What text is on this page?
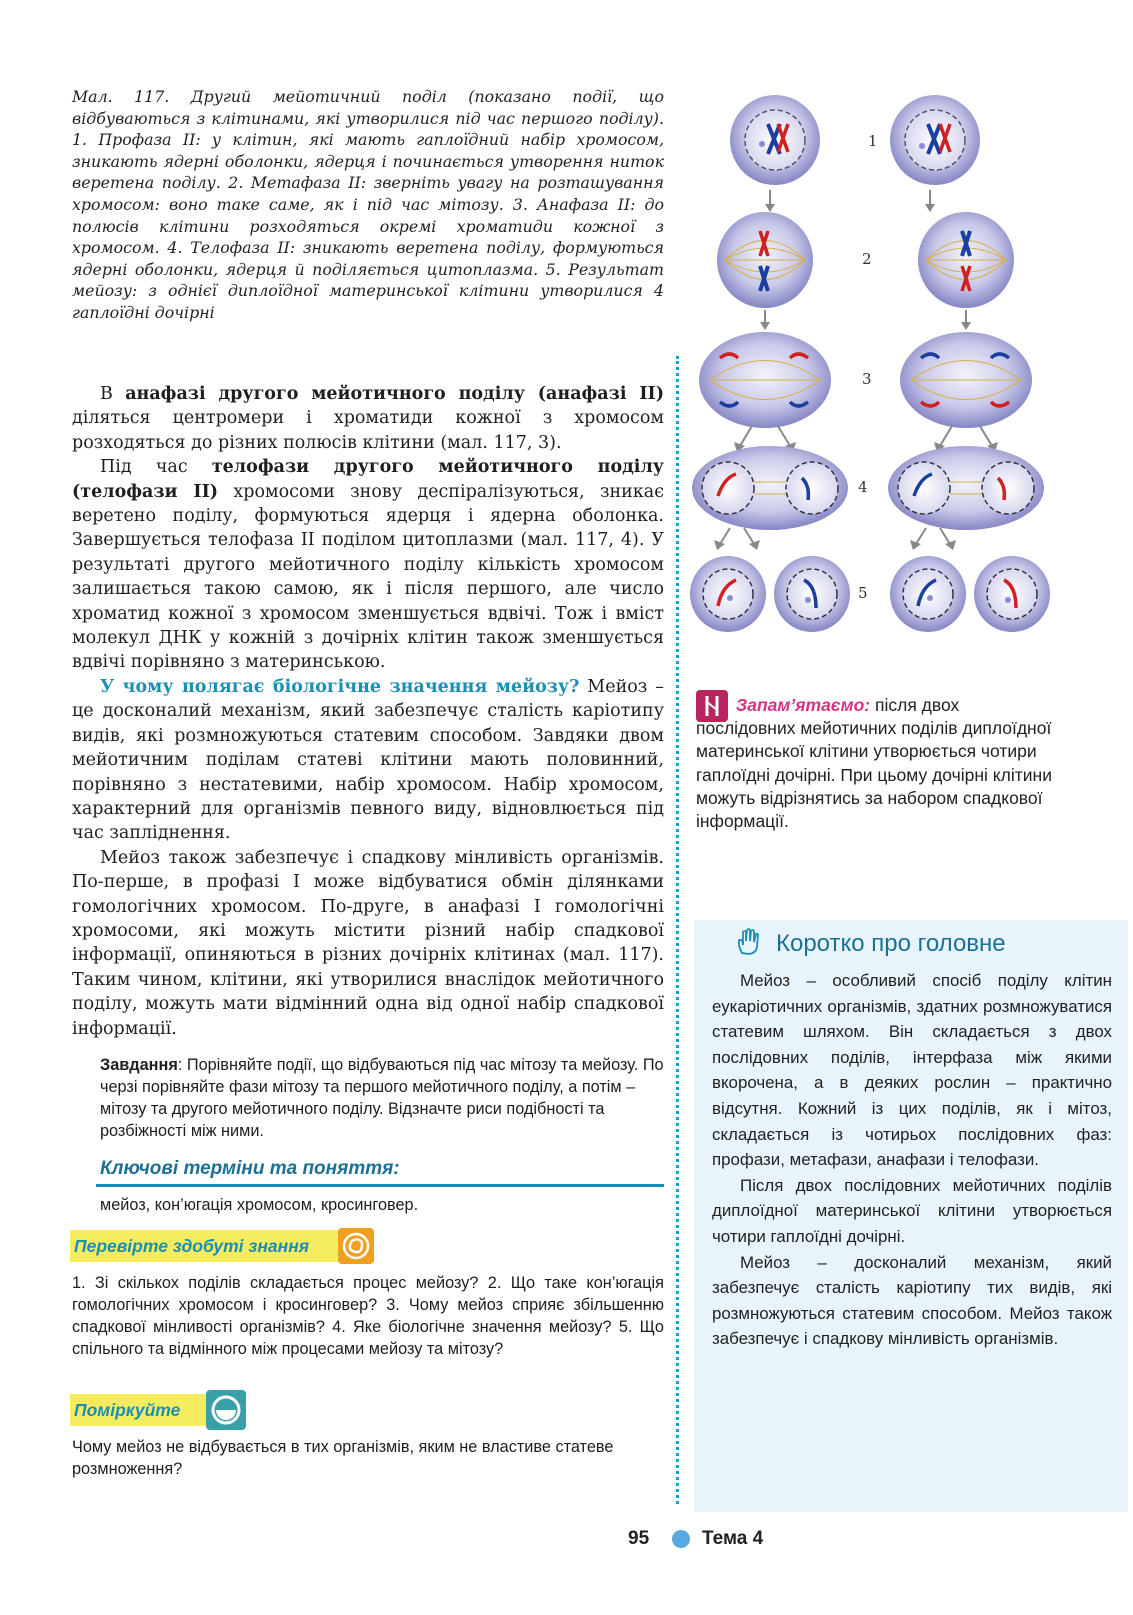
Мал. 117. Другий мейотичний поділ (показано події, що відбуваються з клітинами, які утворилися під час першого поділу). 1. Профаза II: у клітин, які мають гаплоїдний набір хромосом, зникають ядерні оболонки, ядерця і починається утворення ниток веретена поділу. 2. Метафаза II: зверніть увагу на розташування хромосом: воно таке саме, як і під час мітозу. 3. Анафаза II: до полюсів клітини розходяться окремі хроматиди кожної з хромосом. 4. Телофаза II: зникають веретена поділу, формуються ядерні оболонки, ядерця й поділяється цитоплазма. 5. Результат мейозу: з однієї диплоїдної материнської клітини утворилися 4 гаплоїдні дочірні

В анафазі другого мейотичного поділу (анафазі II) діляться центромери і хроматиди кожної з хромосом розходяться до різних полюсів клітини (мал. 117, 3).

Під час телофази другого мейотичного поділу (телофази II) хромосоми знову деспіралізуються, зникає веретено поділу, формуються ядерця і ядерна оболонка. Завершується телофаза II поділом цитоплазми (мал. 117, 4). У результаті другого мейотичного поділу кількість хромосом залишається такою самою, як і після першого, але число хроматид кожної з хромосом зменшується вдвічі. Тож і вміст молекул ДНК у кожній з дочірніх клітин також зменшується вдвічі порівняно з материнською.

У чому полягає біологічне значення мейозу? Мейоз – це досконалий механізм, який забезпечує сталість каріотипу видів, які розмножуються статевим способом. Завдяки двом мейотичним поділам статеві клітини мають половинний, порівняно з нестатевими, набір хромосом. Набір хромосом, характерний для організмів певного виду, відновлюється під час запліднення.

Мейоз також забезпечує і спадкову мінливість організмів. По-перше, в профазі I може відбуватися обмін ділянками гомологічних хромосом. По-друге, в анафазі I гомологічні хромосоми, які можуть містити різний набір спадкової інформації, опиняються в різних дочірніх клітинах (мал. 117). Таким чином, клітини, які утворилися внаслідок мейотичного поділу, можуть мати відмінний одна від одної набір спадкової інформації.

Завдання: Порівняйте події, що відбуваються під час мітозу та мейозу. По черзі порівняйте фази мітозу та першого мейотичного поділу, а потім – мітозу та другого мейотичного поділу. Відзначте риси подібності та розбіжності між ними.

Ключові терміни та поняття:
мейоз, кон’югація хромосом, кросинговер.
Перевірте здобуті знання
1. Зі скількох поділів складається процес мейозу? 2. Що таке кон’югація гомологічних хромосом і кросинговер? 3. Чому мейоз сприяє збільшенню спадкової мінливості організмів? 4. Яке біологічне значення мейозу? 5. Що спільного та відмінного між процесами мейозу та мітозу?
Поміркуйте
Чому мейоз не відбувається в тих організмів, яким не властиве статеве розмноження?
1
2
3
4
5
Запам’ятаємо: після двох послідовних мейотичних поділів диплоїдної материнської клітини утворюється чотири гаплоїдні дочірні. При цьому дочірні клітини можуть відрізнятись за набором спадкової інформації.
Коротко про головне

Мейоз – особливий спосіб поділу клітин еукаріотичних організмів, здатних розмножуватися статевим шляхом. Він складається з двох послідовних поділів, інтерфаза між якими вкорочена, а в деяких рослин – практично відсутня. Кожний із цих поділів, як і мітоз, складається із чотирьох послідовних фаз: профази, метафази, анафази і телофази.

Після двох послідовних мейотичних поділів диплоїдної материнської клітини утворюється чотири гаплоїдні дочірні.

Мейоз – досконалий механізм, який забезпечує сталість каріотипу тих видів, які розмножуються статевим способом. Мейоз також забезпечує і спадкову мінливість організмів.

95	Тема 4
